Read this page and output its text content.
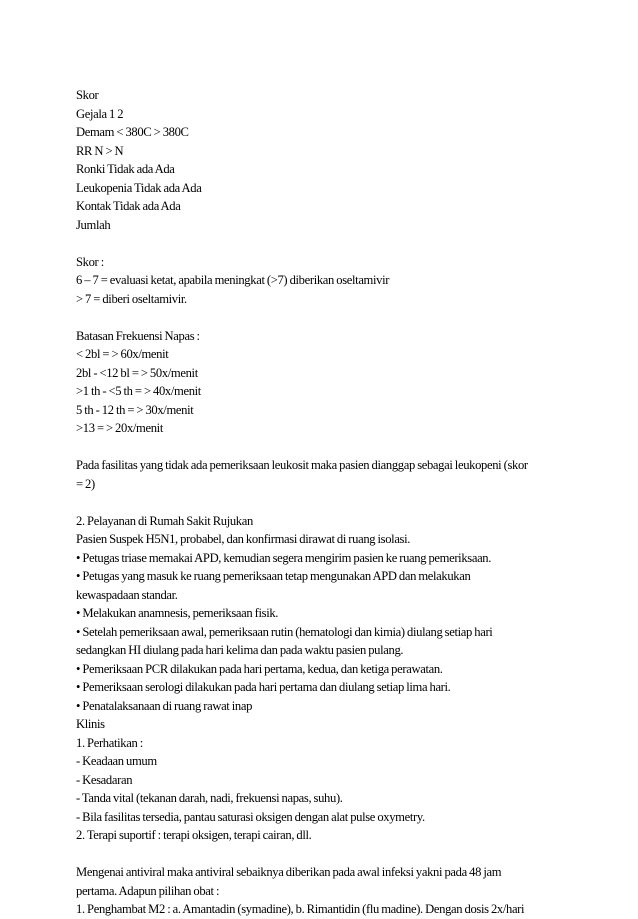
Skor
Gejala 1 2
Demam < 380C > 380C
RR N > N
Ronki Tidak ada Ada
Leukopenia Tidak ada Ada
Kontak Tidak ada Ada
Jumlah
Skor :
6 – 7 = evaluasi ketat, apabila meningkat (>7) diberikan oseltamivir
> 7 = diberi oseltamivir.
Batasan Frekuensi Napas :
< 2bl = > 60x/menit
2bl - <12 bl = > 50x/menit
>1 th - <5 th = > 40x/menit
5 th - 12 th = > 30x/menit
>13 = > 20x/menit
Pada fasilitas yang tidak ada pemeriksaan leukosit maka pasien dianggap sebagai leukopeni (skor
= 2)
2. Pelayanan di Rumah Sakit Rujukan
Pasien Suspek H5N1, probabel, dan konfirmasi dirawat di ruang isolasi.
• Petugas triase memakai APD, kemudian segera mengirim pasien ke ruang pemeriksaan.
• Petugas yang masuk ke ruang pemeriksaan tetap mengunakan APD dan melakukan
kewaspadaan standar.
• Melakukan anamnesis, pemeriksaan fisik.
• Setelah pemeriksaan awal, pemeriksaan rutin (hematologi dan kimia) diulang setiap hari
sedangkan HI diulang pada hari kelima dan pada waktu pasien pulang.
• Pemeriksaan PCR dilakukan pada hari pertama, kedua, dan ketiga perawatan.
• Pemeriksaan serologi dilakukan pada hari pertama dan diulang setiap lima hari.
• Penatalaksanaan di ruang rawat inap
Klinis
1. Perhatikan :
- Keadaan umum
- Kesadaran
- Tanda vital (tekanan darah, nadi, frekuensi napas, suhu).
- Bila fasilitas tersedia, pantau saturasi oksigen dengan alat pulse oxymetry.
2. Terapi suportif : terapi oksigen, terapi cairan, dll.
Mengenai antiviral maka antiviral sebaiknya diberikan pada awal infeksi yakni pada 48 jam
pertama. Adapun pilihan obat :
1. Penghambat M2 : a. Amantadin (symadine), b. Rimantidin (flu madine). Dengan dosis 2x/hari
